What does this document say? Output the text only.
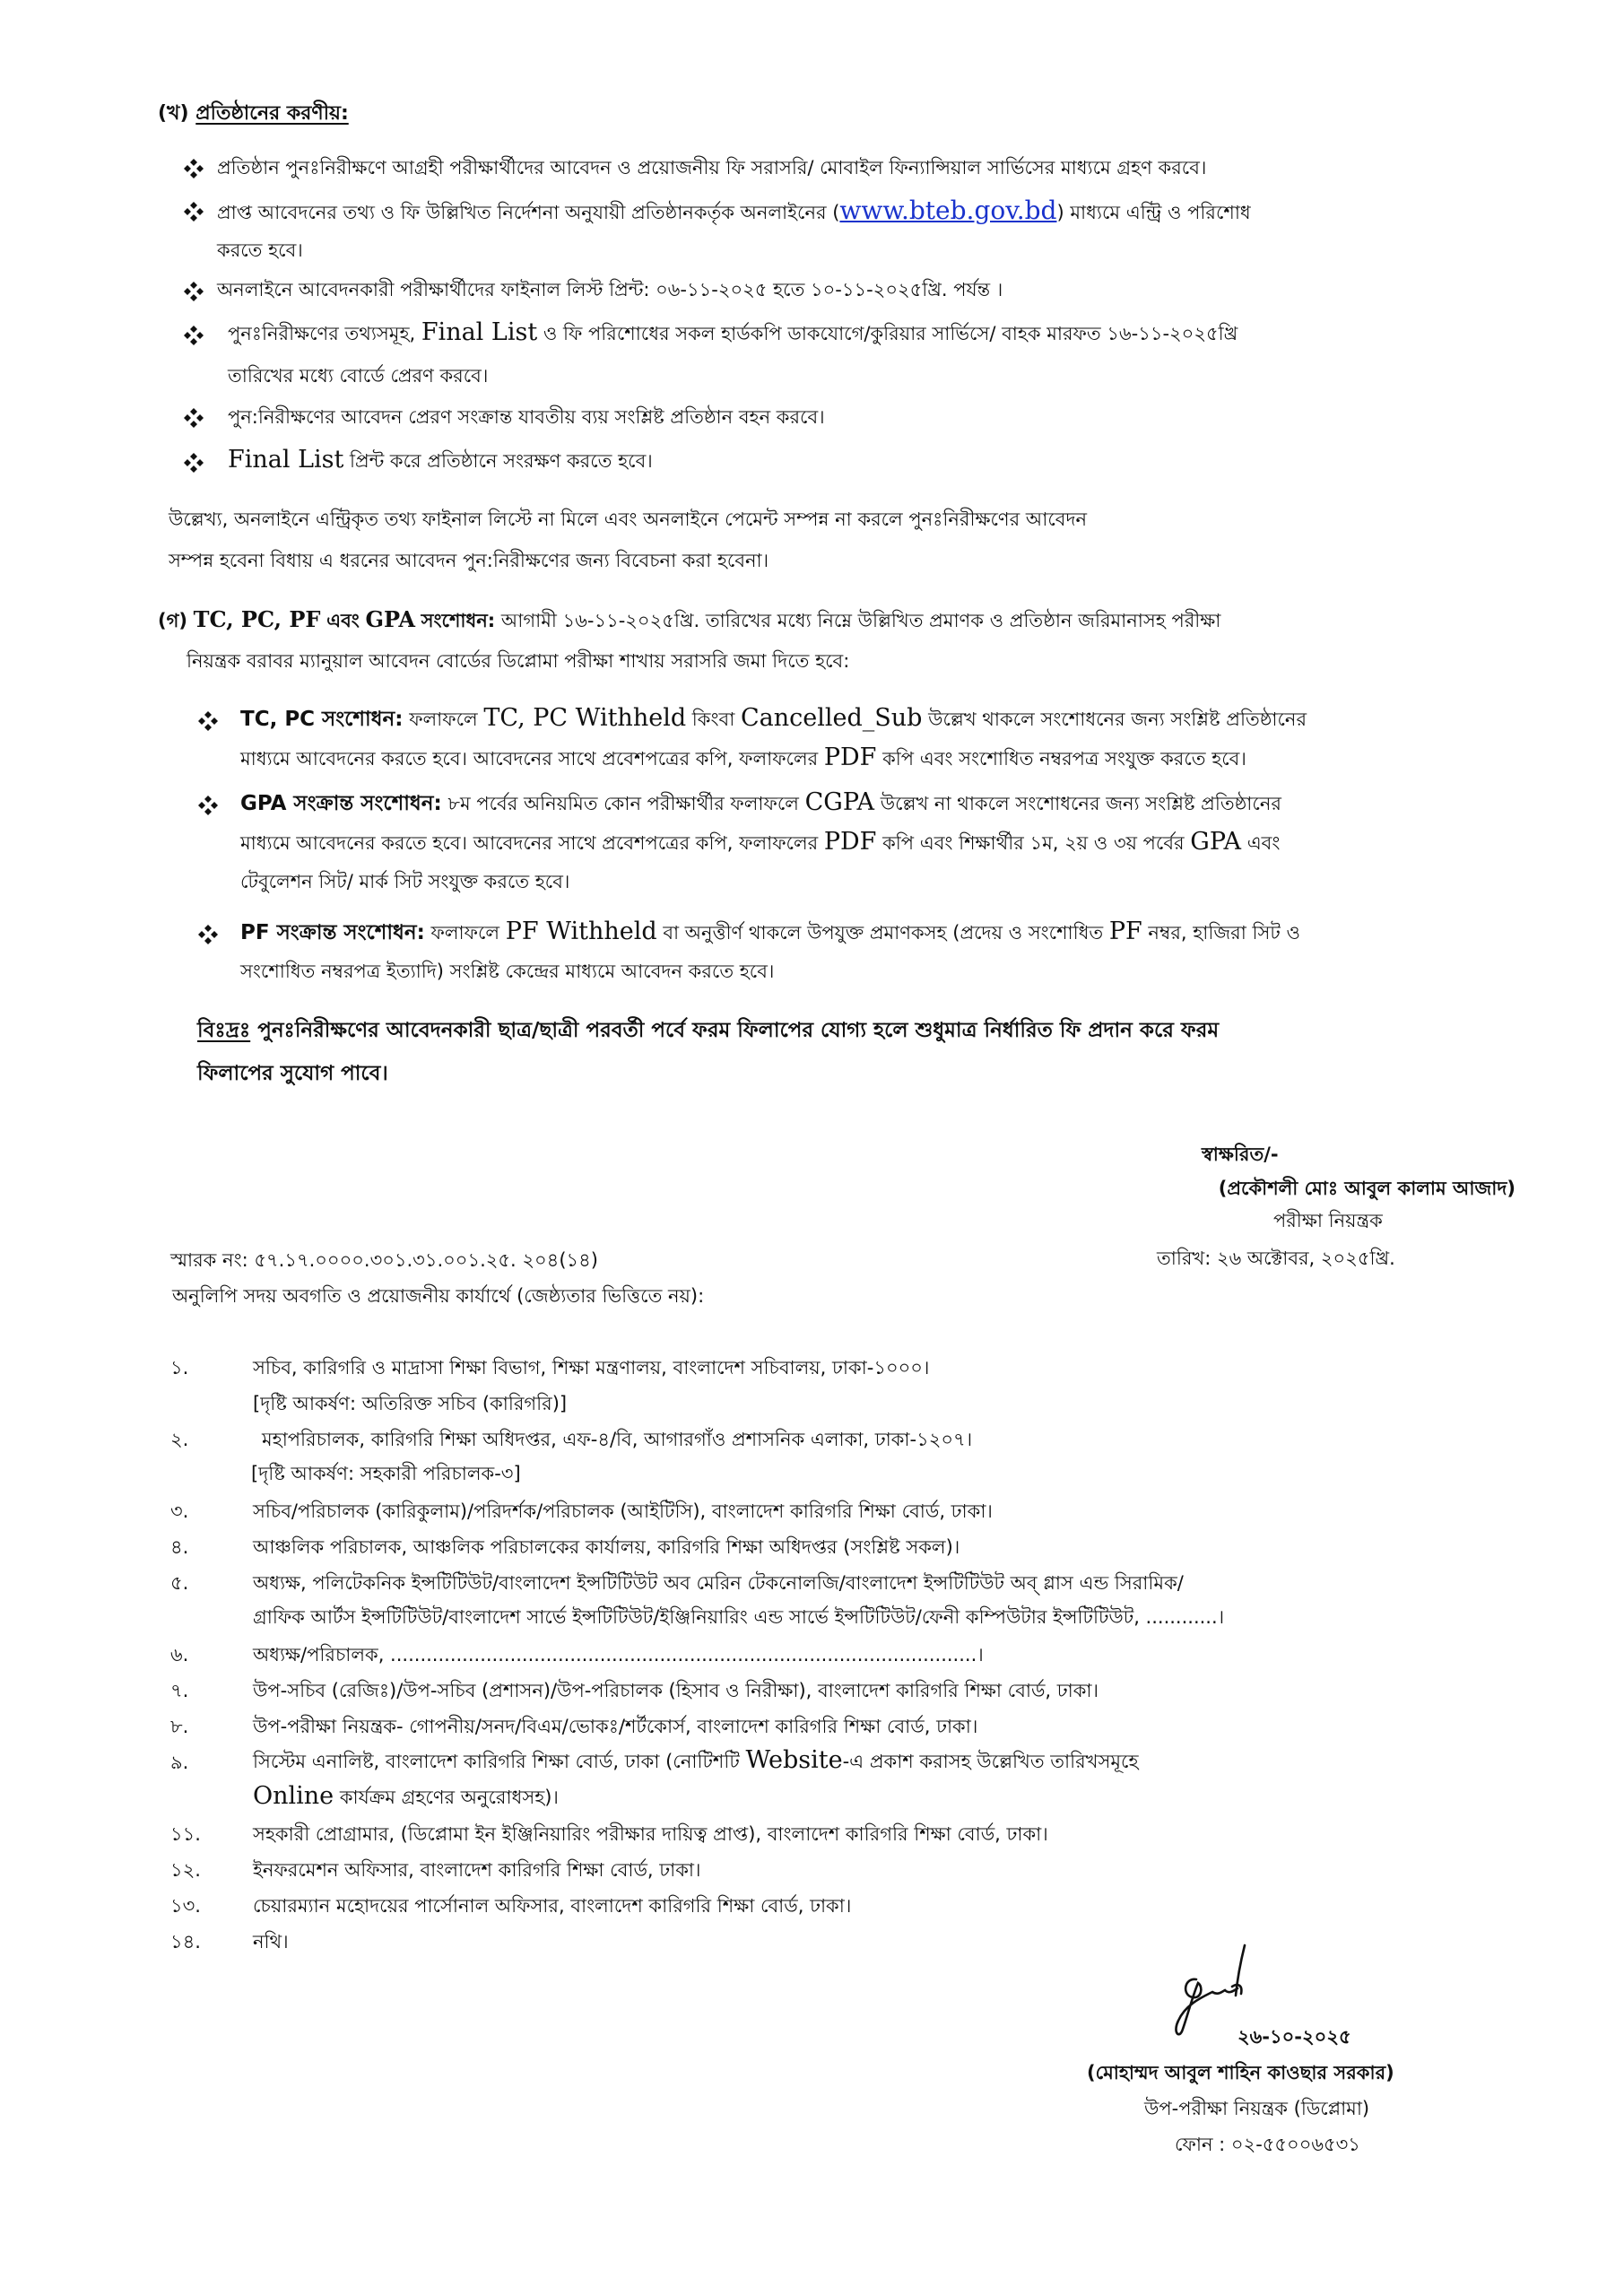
(খ) প্রতিষ্ঠানের করণীয়:
প্রতিষ্ঠান পুনঃনিরীক্ষণে আগ্রহী পরীক্ষার্থীদের আবেদন ও প্রয়োজনীয় ফি সরাসরি/ মোবাইল ফিন্যান্সিয়াল সার্ভিসের মাধ্যমে গ্রহণ করবে।
প্রাপ্ত আবেদনের তথ্য ও ফি উল্লিখিত নির্দেশনা অনুযায়ী প্রতিষ্ঠানকর্তৃক অনলাইনের (www.bteb.gov.bd) মাধ্যমে এন্ট্রি ও পরিশোধ
করতে হবে।
অনলাইনে আবেদনকারী পরীক্ষার্থীদের ফাইনাল লিস্ট প্রিন্ট: ০৬-১১-২০২৫ হতে ১০-১১-২০২৫খ্রি. পর্যন্ত ।
পুনঃনিরীক্ষণের তথ্যসমূহ, Final List ও ফি পরিশোধের সকল হার্ডকপি ডাকযোগে/কুরিয়ার সার্ভিসে/ বাহক মারফত ১৬-১১-২০২৫খ্রি
তারিখের মধ্যে বোর্ডে প্রেরণ করবে।
পুন:নিরীক্ষণের আবেদন প্রেরণ সংক্রান্ত যাবতীয় ব্যয় সংশ্লিষ্ট প্রতিষ্ঠান বহন করবে।
Final List প্রিন্ট করে প্রতিষ্ঠানে সংরক্ষণ করতে হবে।
উল্লেখ্য, অনলাইনে এন্ট্রিকৃত তথ্য ফাইনাল লিস্টে না মিলে এবং অনলাইনে পেমেন্ট সম্পন্ন না করলে পুনঃনিরীক্ষণের আবেদন
সম্পন্ন হবেনা বিধায় এ ধরনের আবেদন পুন:নিরীক্ষণের জন্য বিবেচনা করা হবেনা।
(গ) TC, PC, PF এবং GPA সংশোধন: আগামী ১৬-১১-২০২৫খ্রি. তারিখের মধ্যে নিম্নে উল্লিখিত প্রমাণক ও প্রতিষ্ঠান জরিমানাসহ পরীক্ষা
নিয়ন্ত্রক বরাবর ম্যানুয়াল আবেদন বোর্ডের ডিপ্লোমা পরীক্ষা শাখায় সরাসরি জমা দিতে হবে:
TC, PC সংশোধন: ফলাফলে TC, PC Withheld কিংবা Cancelled_Sub উল্লেখ থাকলে সংশোধনের জন্য সংশ্লিষ্ট প্রতিষ্ঠানের
মাধ্যমে আবেদনের করতে হবে। আবেদনের সাথে প্রবেশপত্রের কপি, ফলাফলের PDF কপি এবং সংশোধিত নম্বরপত্র সংযুক্ত করতে হবে।
GPA সংক্রান্ত সংশোধন: ৮ম পর্বের অনিয়মিত কোন পরীক্ষার্থীর ফলাফলে CGPA উল্লেখ না থাকলে সংশোধনের জন্য সংশ্লিষ্ট প্রতিষ্ঠানের
মাধ্যমে আবেদনের করতে হবে। আবেদনের সাথে প্রবেশপত্রের কপি, ফলাফলের PDF কপি এবং শিক্ষার্থীর ১ম, ২য় ও ৩য় পর্বের GPA এবং
টেবুলেশন সিট/ মার্ক সিট সংযুক্ত করতে হবে।
PF সংক্রান্ত সংশোধন: ফলাফলে PF Withheld বা অনুত্তীর্ণ থাকলে উপযুক্ত প্রমাণকসহ (প্রদেয় ও সংশোধিত PF নম্বর, হাজিরা সিট ও
সংশোধিত নম্বরপত্র ইত্যাদি) সংশ্লিষ্ট কেন্দ্রের মাধ্যমে আবেদন করতে হবে।
বিঃদ্রঃ পুনঃনিরীক্ষণের আবেদনকারী ছাত্র/ছাত্রী পরবর্তী পর্বে ফরম ফিলাপের যোগ্য হলে শুধুমাত্র নির্ধারিত ফি প্রদান করে ফরম
ফিলাপের সুযোগ পাবে।
স্বাক্ষরিত/-
(প্রকৌশলী মোঃ আবুল কালাম আজাদ)
পরীক্ষা নিয়ন্ত্রক
তারিখ: ২৬ অক্টোবর, ২০২৫খ্রি.
স্মারক নং: ৫৭.১৭.০০০০.৩০১.৩১.০০১.২৫. ২০৪(১৪)
অনুলিপি সদয় অবগতি ও প্রয়োজনীয় কার্যার্থে (জেষ্ঠ্যতার ভিত্তিতে নয়):
১.	সচিব, কারিগরি ও মাদ্রাসা শিক্ষা বিভাগ, শিক্ষা মন্ত্রণালয়, বাংলাদেশ সচিবালয়, ঢাকা-১০০০।
[দৃষ্টি আকর্ষণ: অতিরিক্ত সচিব (কারিগরি)]
২.	মহাপরিচালক, কারিগরি শিক্ষা অধিদপ্তর, এফ-৪/বি, আগারগাঁও প্রশাসনিক এলাকা, ঢাকা-১২০৭।
[দৃষ্টি আকর্ষণ: সহকারী পরিচালক-৩]
৩.	সচিব/পরিচালক (কারিকুলাম)/পরিদর্শক/পরিচালক (আইটিসি), বাংলাদেশ কারিগরি শিক্ষা বোর্ড, ঢাকা।
৪.	আঞ্চলিক পরিচালক, আঞ্চলিক পরিচালকের কার্যালয়, কারিগরি শিক্ষা অধিদপ্তর (সংশ্লিষ্ট সকল)।
৫.	অধ্যক্ষ, পলিটেকনিক ইন্সটিটিউট/বাংলাদেশ ইন্সটিটিউট অব মেরিন টেকনোলজি/বাংলাদেশ ইন্সটিটিউট অব্ গ্লাস এন্ড সিরামিক/
গ্রাফিক আর্টস ইন্সটিটিউট/বাংলাদেশ সার্ভে ইন্সটিটিউট/ইঞ্জিনিয়ারিং এন্ড সার্ভে ইন্সটিটিউট/ফেনী কম্পিউটার ইন্সটিটিউট, ............।
৬.	অধ্যক্ষ/পরিচালক, ..................................................................................................।
৭.	উপ-সচিব (রেজিঃ)/উপ-সচিব (প্রশাসন)/উপ-পরিচালক (হিসাব ও নিরীক্ষা), বাংলাদেশ কারিগরি শিক্ষা বোর্ড, ঢাকা।
৮.	উপ-পরীক্ষা নিয়ন্ত্রক- গোপনীয়/সনদ/বিএম/ভোকঃ/শর্টকোর্স, বাংলাদেশ কারিগরি শিক্ষা বোর্ড, ঢাকা।
৯.	সিস্টেম এনালিষ্ট, বাংলাদেশ কারিগরি শিক্ষা বোর্ড, ঢাকা (নোটিশটি Website-এ প্রকাশ করাসহ উল্লেখিত তারিখসমূহে
Online কার্যক্রম গ্রহণের অনুরোধসহ)।
১১.	সহকারী প্রোগ্রামার, (ডিপ্লোমা ইন ইঞ্জিনিয়ারিং পরীক্ষার দায়িত্ব প্রাপ্ত), বাংলাদেশ কারিগরি শিক্ষা বোর্ড, ঢাকা।
১২.	ইনফরমেশন অফিসার, বাংলাদেশ কারিগরি শিক্ষা বোর্ড, ঢাকা।
১৩.	চেয়ারম্যান মহোদয়ের পার্সোনাল অফিসার, বাংলাদেশ কারিগরি শিক্ষা বোর্ড, ঢাকা।
১৪.	নথি।
২৬-১০-২০২৫
(মোহাম্মদ আবুল শাহিন কাওছার সরকার)
উপ-পরীক্ষা নিয়ন্ত্রক (ডিপ্লোমা)
ফোন : ০২-৫৫০০৬৫৩১
